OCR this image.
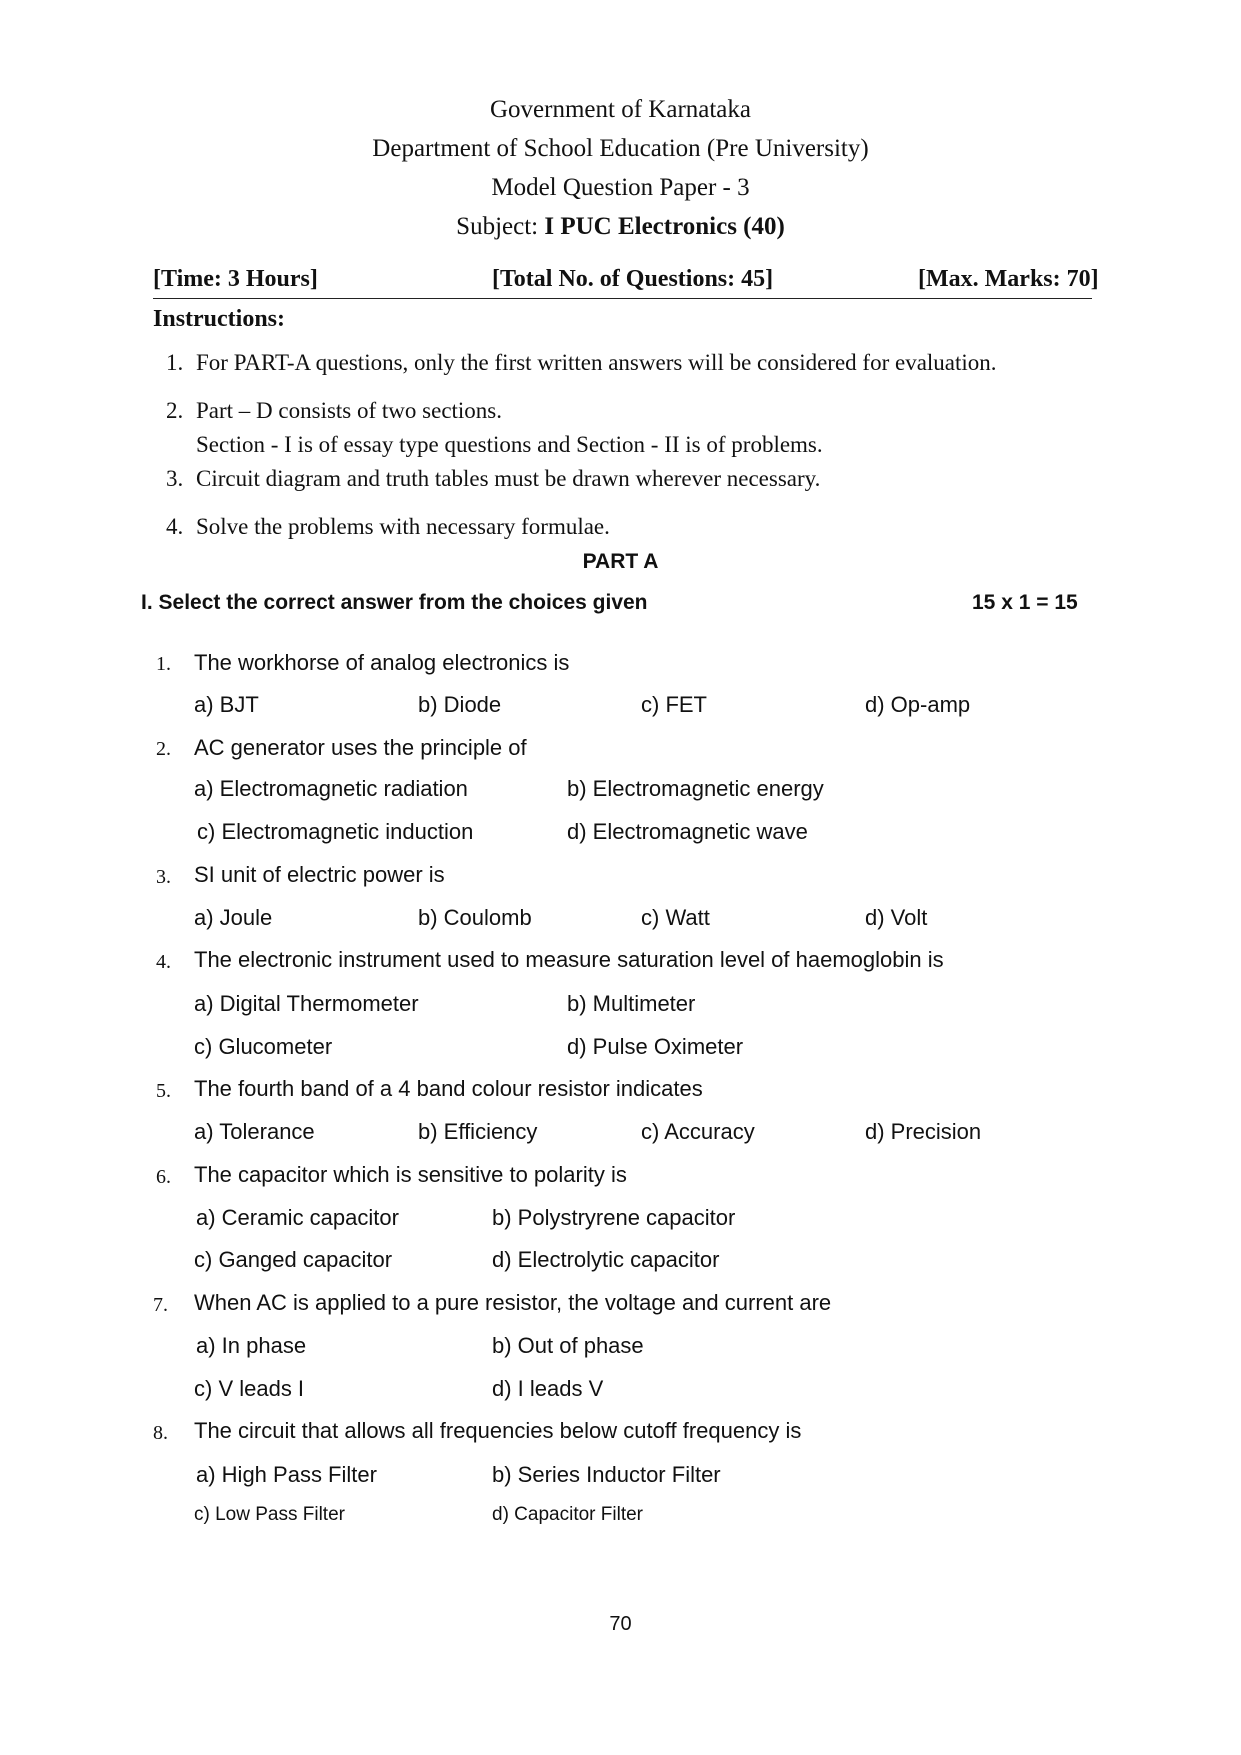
Government of Karnataka
Department of School Education (Pre University)
Model Question Paper - 3
Subject: I PUC Electronics (40)
[Time: 3 Hours]	[Total No. of Questions: 45]	[Max. Marks: 70]
Instructions:
1. For PART-A questions, only the first written answers will be considered for evaluation.
2. Part – D consists of two sections.
Section - I is of essay type questions and Section - II is of problems.
3. Circuit diagram and truth tables must be drawn wherever necessary.
4. Solve the problems with necessary formulae.
PART A
I. Select the correct answer from the choices given	15 x 1 = 15
1. The workhorse of analog electronics is
a) BJT	b) Diode	c) FET	d) Op-amp
2. AC generator uses the principle of
a) Electromagnetic radiation	b) Electromagnetic energy
c) Electromagnetic induction	d) Electromagnetic wave
3. SI unit of electric power is
a) Joule	b) Coulomb	c) Watt	d) Volt
4. The electronic instrument used to measure saturation level of haemoglobin is
a) Digital Thermometer	b) Multimeter
c) Glucometer	d) Pulse Oximeter
5. The fourth band of a 4 band colour resistor indicates
a) Tolerance	b) Efficiency	c) Accuracy	d) Precision
6. The capacitor which is sensitive to polarity is
a) Ceramic capacitor	b) Polystryrene capacitor
c) Ganged capacitor	d) Electrolytic capacitor
7. When AC is applied to a pure resistor, the voltage and current are
a) In phase	b) Out of phase
c) V leads I	d) I leads V
8. The circuit that allows all frequencies below cutoff frequency is
a) High Pass Filter	b) Series Inductor Filter
c) Low Pass Filter	d) Capacitor Filter
70
